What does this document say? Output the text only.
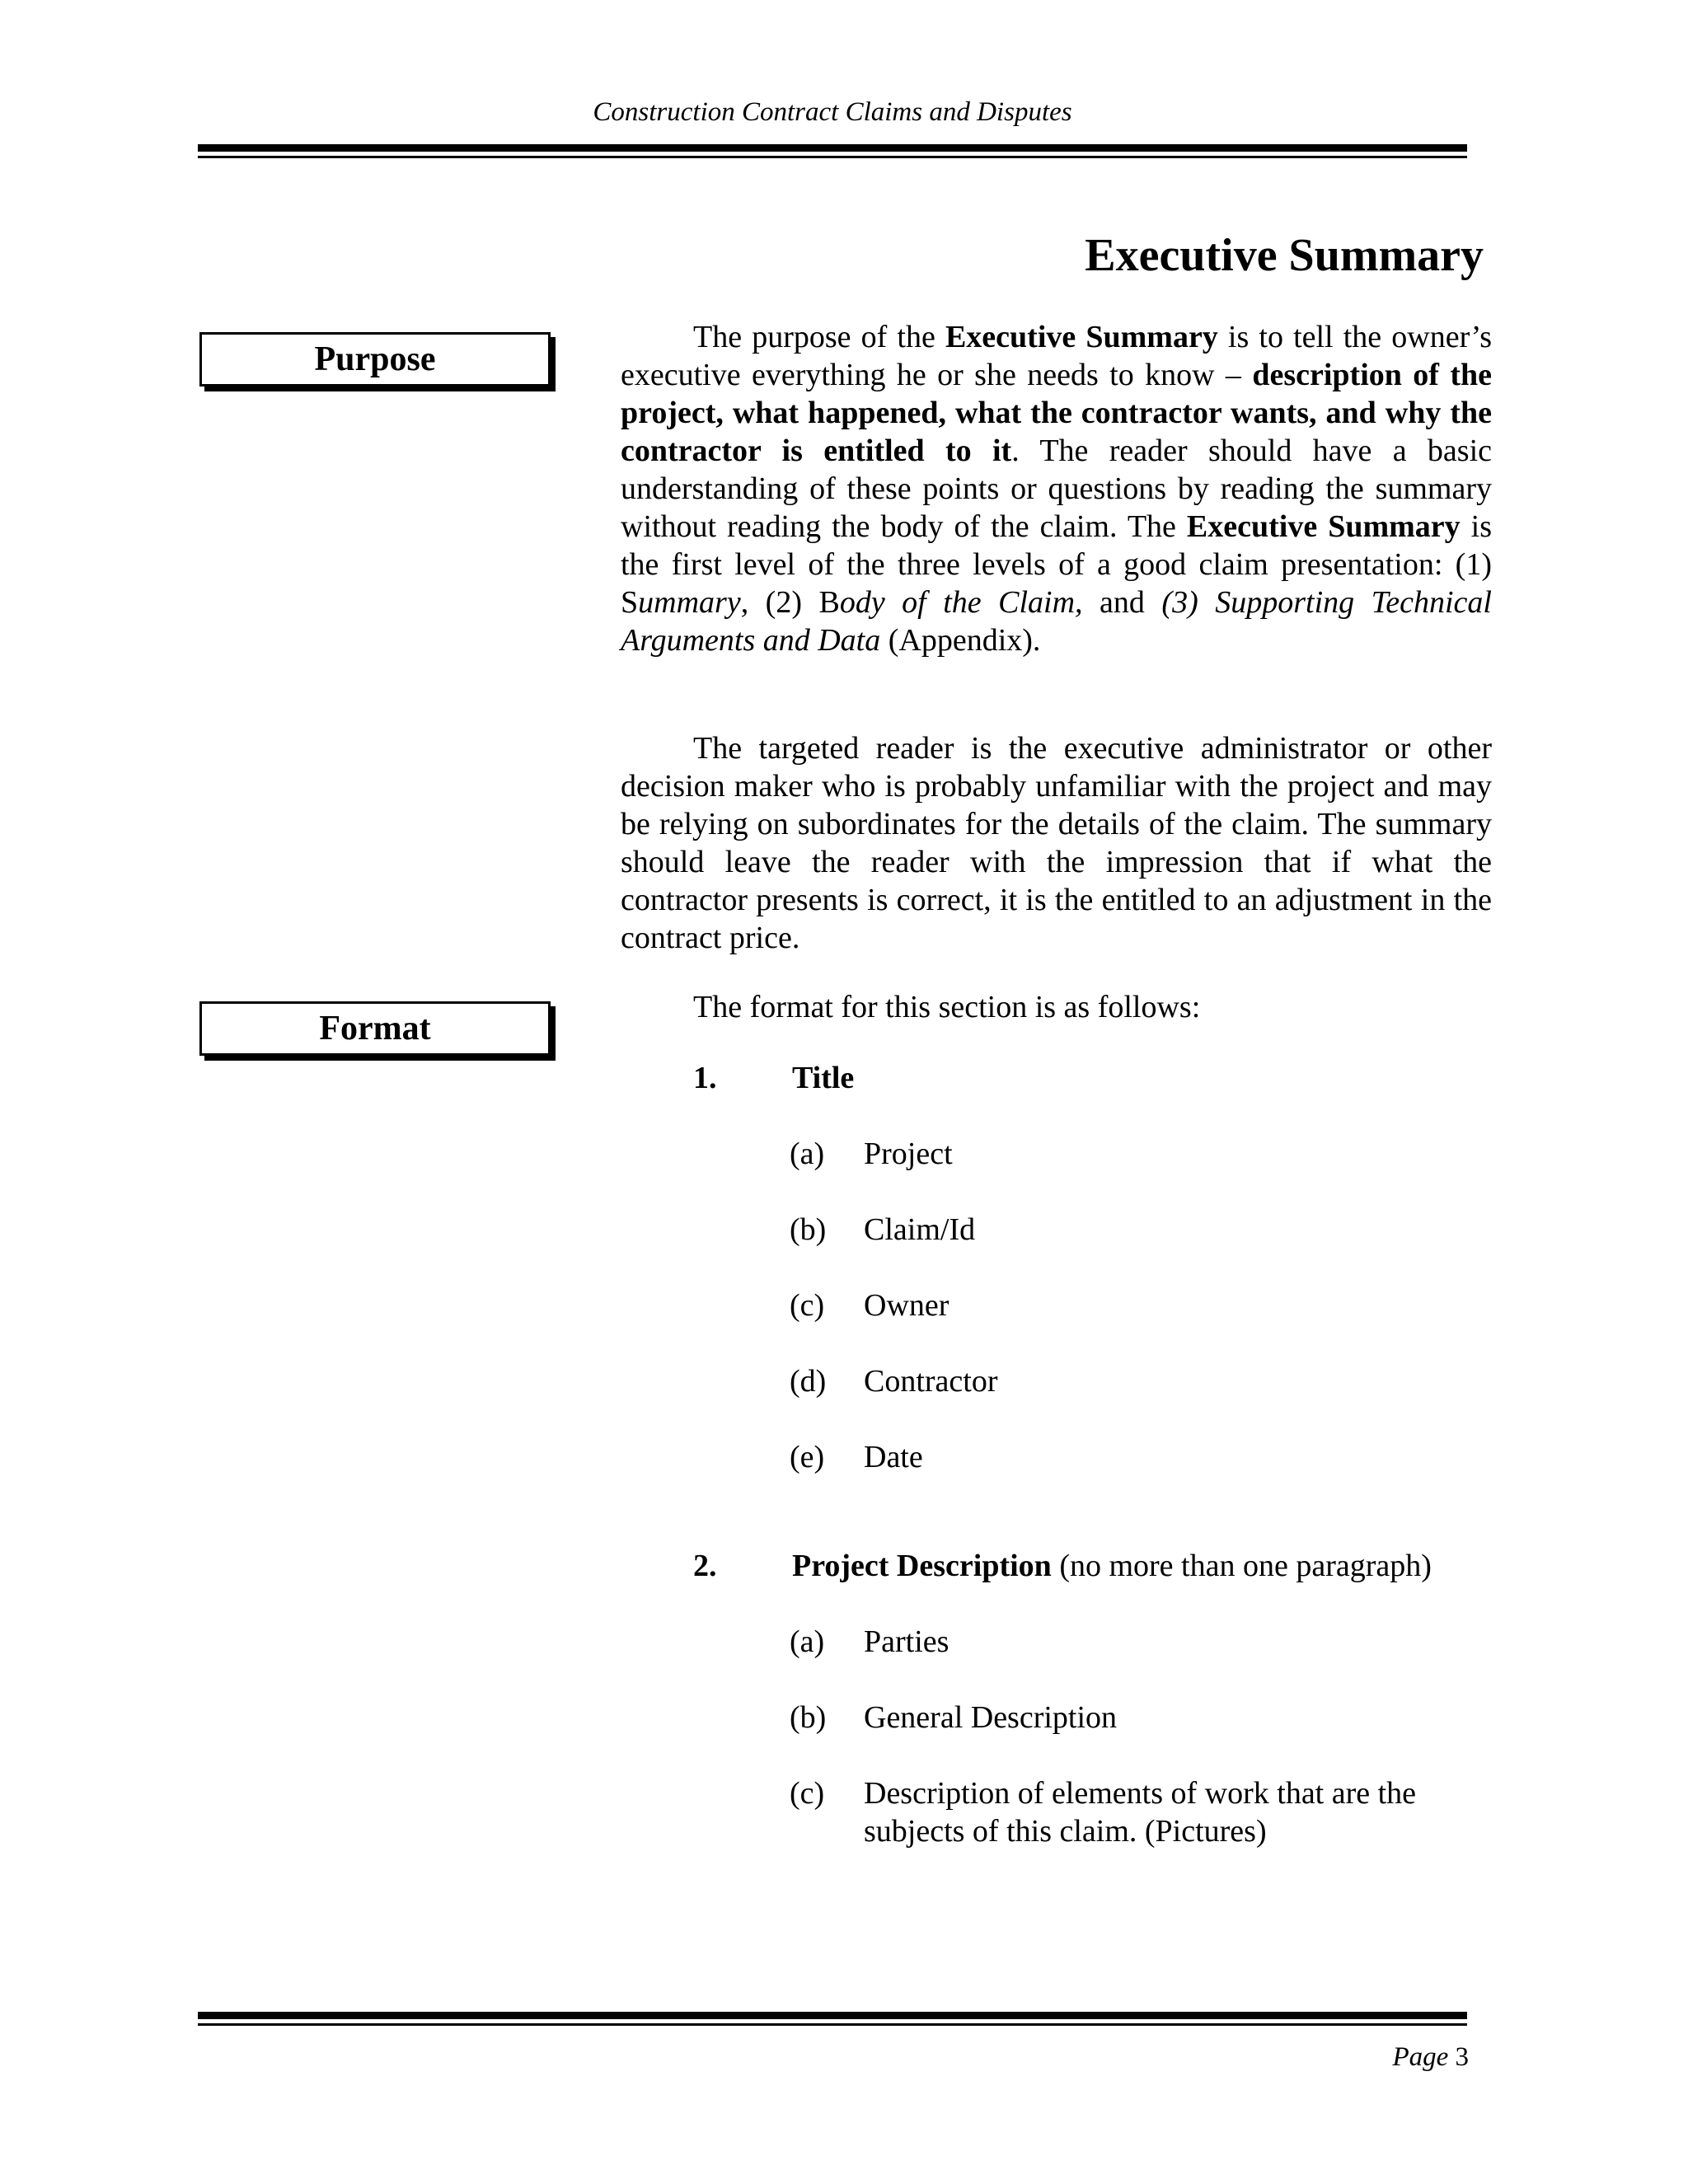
Construction Contract Claims and Disputes
Executive Summary
Purpose

The purpose of the Executive Summary is to tell the owner’s executive everything he or she needs to know – description of the project, what happened, what the contractor wants, and why the contractor is entitled to it. The reader should have a basic understanding of these points or questions by reading the summary without reading the body of the claim. The Executive Summary is the first level of the three levels of a good claim presentation: (1) Summary, (2) Body of the Claim, and (3) Supporting Technical Arguments and Data (Appendix).

The targeted reader is the executive administrator or other decision maker who is probably unfamiliar with the project and may be relying on subordinates for the details of the claim. The summary should leave the reader with the impression that if what the contractor presents is correct, it is the entitled to an adjustment in the contract price.

Format

The format for this section is as follows:

1. Title
(a) Project
(b) Claim/Id
(c) Owner
(d) Contractor
(e) Date
2. Project Description (no more than one paragraph)
(a) Parties
(b) General Description
(c) Description of elements of work that are the subjects of this claim. (Pictures)
Page 3
